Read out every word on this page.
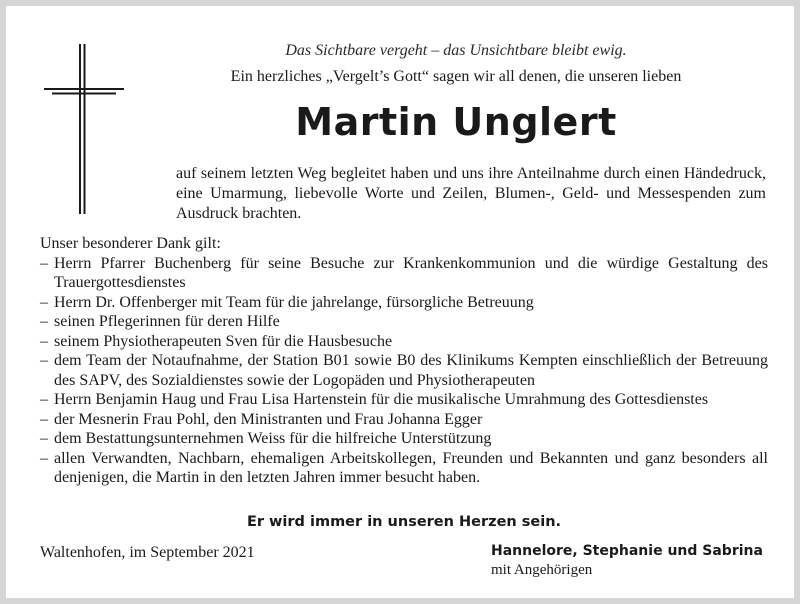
Das Sichtbare vergeht – das Unsichtbare bleibt ewig.
Ein herzliches „Vergelt’s Gott“ sagen wir all denen, die unseren lieben
Martin Unglert
auf seinem letzten Weg begleitet haben und uns ihre Anteilnahme durch einen Händedruck, eine Umarmung, liebevolle Worte und Zeilen, Blumen-, Geld- und Messespenden zum Ausdruck brachten.
Unser besonderer Dank gilt:
– Herrn Pfarrer Buchenberg für seine Besuche zur Krankenkommunion und die würdige Gestaltung des Trauergottesdienstes
– Herrn Dr. Offenberger mit Team für die jahrelange, fürsorgliche Betreuung
– seinen Pflegerinnen für deren Hilfe
– seinem Physiotherapeuten Sven für die Hausbesuche
– dem Team der Notaufnahme, der Station B01 sowie B0 des Klinikums Kempten einschließlich der Betreuung des SAPV, des Sozialdienstes sowie der Logopäden und Physiotherapeuten
– Herrn Benjamin Haug und Frau Lisa Hartenstein für die musikalische Umrahmung des Gottesdienstes
– der Mesnerin Frau Pohl, den Ministranten und Frau Johanna Egger
– dem Bestattungsunternehmen Weiss für die hilfreiche Unterstützung
– allen Verwandten, Nachbarn, ehemaligen Arbeitskollegen, Freunden und Bekannten und ganz besonders all denjenigen, die Martin in den letzten Jahren immer besucht haben.
Er wird immer in unseren Herzen sein.
Waltenhofen, im September 2021	Hannelore, Stephanie und Sabrina
mit Angehörigen
